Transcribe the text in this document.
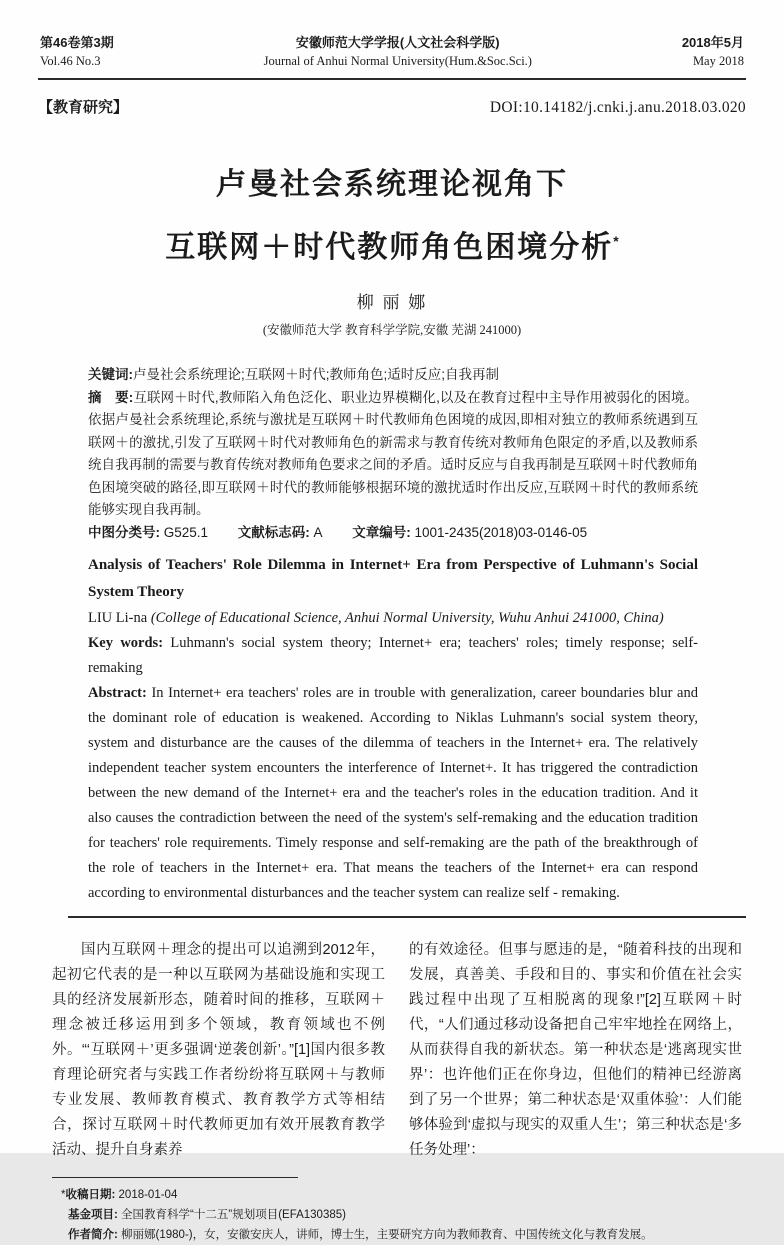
第46卷第3期
Vol.46 No.3
安徽师范大学学报(人文社会科学版)
Journal of Anhui Normal University(Hum.&Soc.Sci.)
2018年5月
May 2018
【教育研究】	DOI:10.14182/j.cnki.j.anu.2018.03.020
卢曼社会系统理论视角下
互联网＋时代教师角色困境分析*
柳 丽 娜
(安徽师范大学 教育科学学院,安徽 芜湖 241000)

关键词:卢曼社会系统理论;互联网＋时代;教师角色;适时反应;自我再制

摘　要:互联网＋时代,教师陷入角色泛化、职业边界模糊化,以及在教育过程中主导作用被弱化的困境。依据卢曼社会系统理论,系统与激扰是互联网＋时代教师角色困境的成因,即相对独立的教师系统遇到互联网＋的激扰,引发了互联网＋时代对教师角色的新需求与教育传统对教师角色限定的矛盾,以及教师系统自我再制的需要与教育传统对教师角色要求之间的矛盾。适时反应与自我再制是互联网＋时代教师角色困境突破的路径,即互联网＋时代的教师能够根据环境的激扰适时作出反应,互联网＋时代的教师系统能够实现自我再制。

中图分类号: G525.1 文献标志码: A 文章编号: 1001-2435(2018)03-0146-05

Analysis of Teachers' Role Dilemma in Internet+ Era from Perspective of Luhmann's Social System Theory

LIU Li-na (College of Educational Science, Anhui Normal University, Wuhu Anhui 241000, China)

Key words: Luhmann's social system theory; Internet+ era; teachers' roles; timely response; self-remaking

Abstract: In Internet+ era teachers' roles are in trouble with generalization, career boundaries blur and the dominant role of education is weakened. According to Niklas Luhmann's social system theory, system and disturbance are the causes of the dilemma of teachers in the Internet+ era. The relatively independent teacher system encounters the interference of Internet+. It has triggered the contradiction between the new demand of the Internet+ era and the teacher's roles in the education tradition. And it also causes the contradiction between the need of the system's self-remaking and the education tradition for teachers' role requirements. Timely response and self-remaking are the path of the breakthrough of the role of teachers in the Internet+ era. That means the teachers of the Internet+ era can respond according to environmental disturbances and the teacher system can realize self - remaking.

国内互联网＋理念的提出可以追溯到2012年，起初它代表的是一种以互联网为基础设施和实现工具的经济发展新形态，随着时间的推移，互联网＋理念被迁移运用到多个领域，教育领域也不例外。“‘互联网＋’更多强调‘逆袭创新’。”[1]国内很多教育理论研究者与实践工作者纷纷将互联网＋与教师专业发展、教师教育模式、教育教学方式等相结合，探讨互联网＋时代教师更加有效开展教育教学活动、提升自身素养

的有效途径。但事与愿违的是，“随着科技的出现和发展，真善美、手段和目的、事实和价值在社会实践过程中出现了互相脱离的现象!”[2]互联网＋时代，“人们通过移动设备把自己牢牢地拴在网络上，从而获得自我的新状态。第一种状态是‘逃离现实世界’：也许他们正在你身边，但他们的精神已经游离到了另一个世界；第二种状态是‘双重体验’：人们能够体验到‘虚拟与现实的双重人生’；第三种状态是‘多任务处理’：

*收稿日期: 2018-01-04

基金项目: 全国教育科学“十二五”规划项目(EFA130385)

作者简介: 柳丽娜(1980-)，女，安徽安庆人，讲师，博士生，主要研究方向为教师教育、中国传统文化与教育发展。
